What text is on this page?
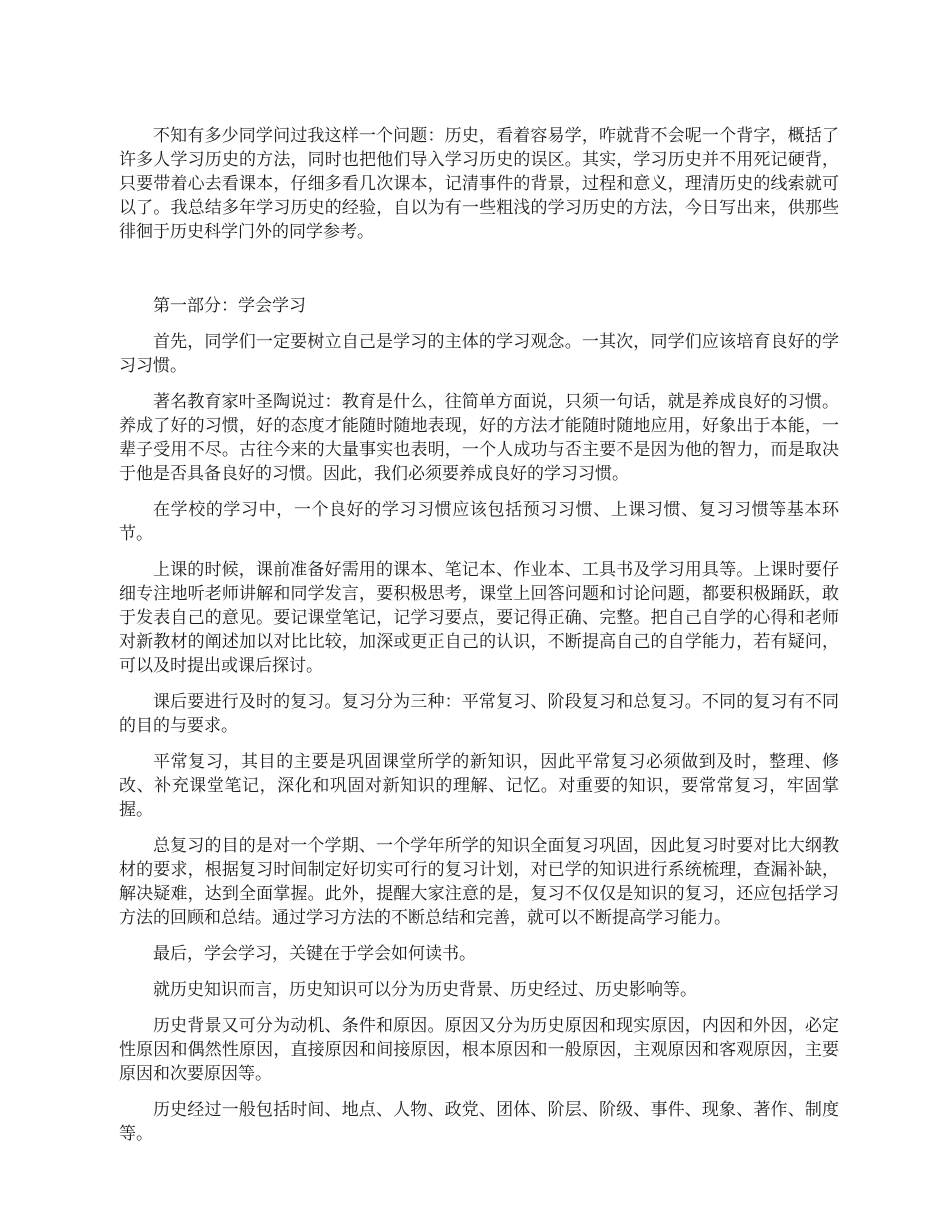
不知有多少同学问过我这样一个问题：历史，看着容易学，咋就背不会呢一个背字，概括了许多人学习历史的方法，同时也把他们导入学习历史的误区。其实，学习历史并不用死记硬背，只要带着心去看课本，仔细多看几次课本，记清事件的背景，过程和意义，理清历史的线索就可以了。我总结多年学习历史的经验，自以为有一些粗浅的学习历史的方法，今日写出来，供那些徘徊于历史科学门外的同学参考。

第一部分：学会学习

首先，同学们一定要树立自己是学习的主体的学习观念。一其次，同学们应该培育良好的学习习惯。

著名教育家叶圣陶说过：教育是什么，往简单方面说，只须一句话，就是养成良好的习惯。养成了好的习惯，好的态度才能随时随地表现，好的方法才能随时随地应用，好象出于本能，一辈子受用不尽。古往今来的大量事实也表明，一个人成功与否主要不是因为他的智力，而是取决于他是否具备良好的习惯。因此，我们必须要养成良好的学习习惯。

在学校的学习中，一个良好的学习习惯应该包括预习习惯、上课习惯、复习习惯等基本环节。

上课的时候，课前准备好需用的课本、笔记本、作业本、工具书及学习用具等。上课时要仔细专注地听老师讲解和同学发言，要积极思考，课堂上回答问题和讨论问题，都要积极踊跃，敢于发表自己的意见。要记课堂笔记，记学习要点，要记得正确、完整。把自己自学的心得和老师对新教材的阐述加以对比比较，加深或更正自己的认识，不断提高自己的自学能力，若有疑问，可以及时提出或课后探讨。

课后要进行及时的复习。复习分为三种：平常复习、阶段复习和总复习。不同的复习有不同的目的与要求。

平常复习，其目的主要是巩固课堂所学的新知识，因此平常复习必须做到及时，整理、修改、补充课堂笔记，深化和巩固对新知识的理解、记忆。对重要的知识，要常常复习，牢固掌握。

总复习的目的是对一个学期、一个学年所学的知识全面复习巩固，因此复习时要对比大纲教材的要求，根据复习时间制定好切实可行的复习计划，对已学的知识进行系统梳理，查漏补缺，解决疑难，达到全面掌握。此外，提醒大家注意的是，复习不仅仅是知识的复习，还应包括学习方法的回顾和总结。通过学习方法的不断总结和完善，就可以不断提高学习能力。

最后，学会学习，关键在于学会如何读书。

就历史知识而言，历史知识可以分为历史背景、历史经过、历史影响等。

历史背景又可分为动机、条件和原因。原因又分为历史原因和现实原因，内因和外因，必定性原因和偶然性原因，直接原因和间接原因，根本原因和一般原因，主观原因和客观原因，主要原因和次要原因等。

历史经过一般包括时间、地点、人物、政党、团体、阶层、阶级、事件、现象、著作、制度等。
